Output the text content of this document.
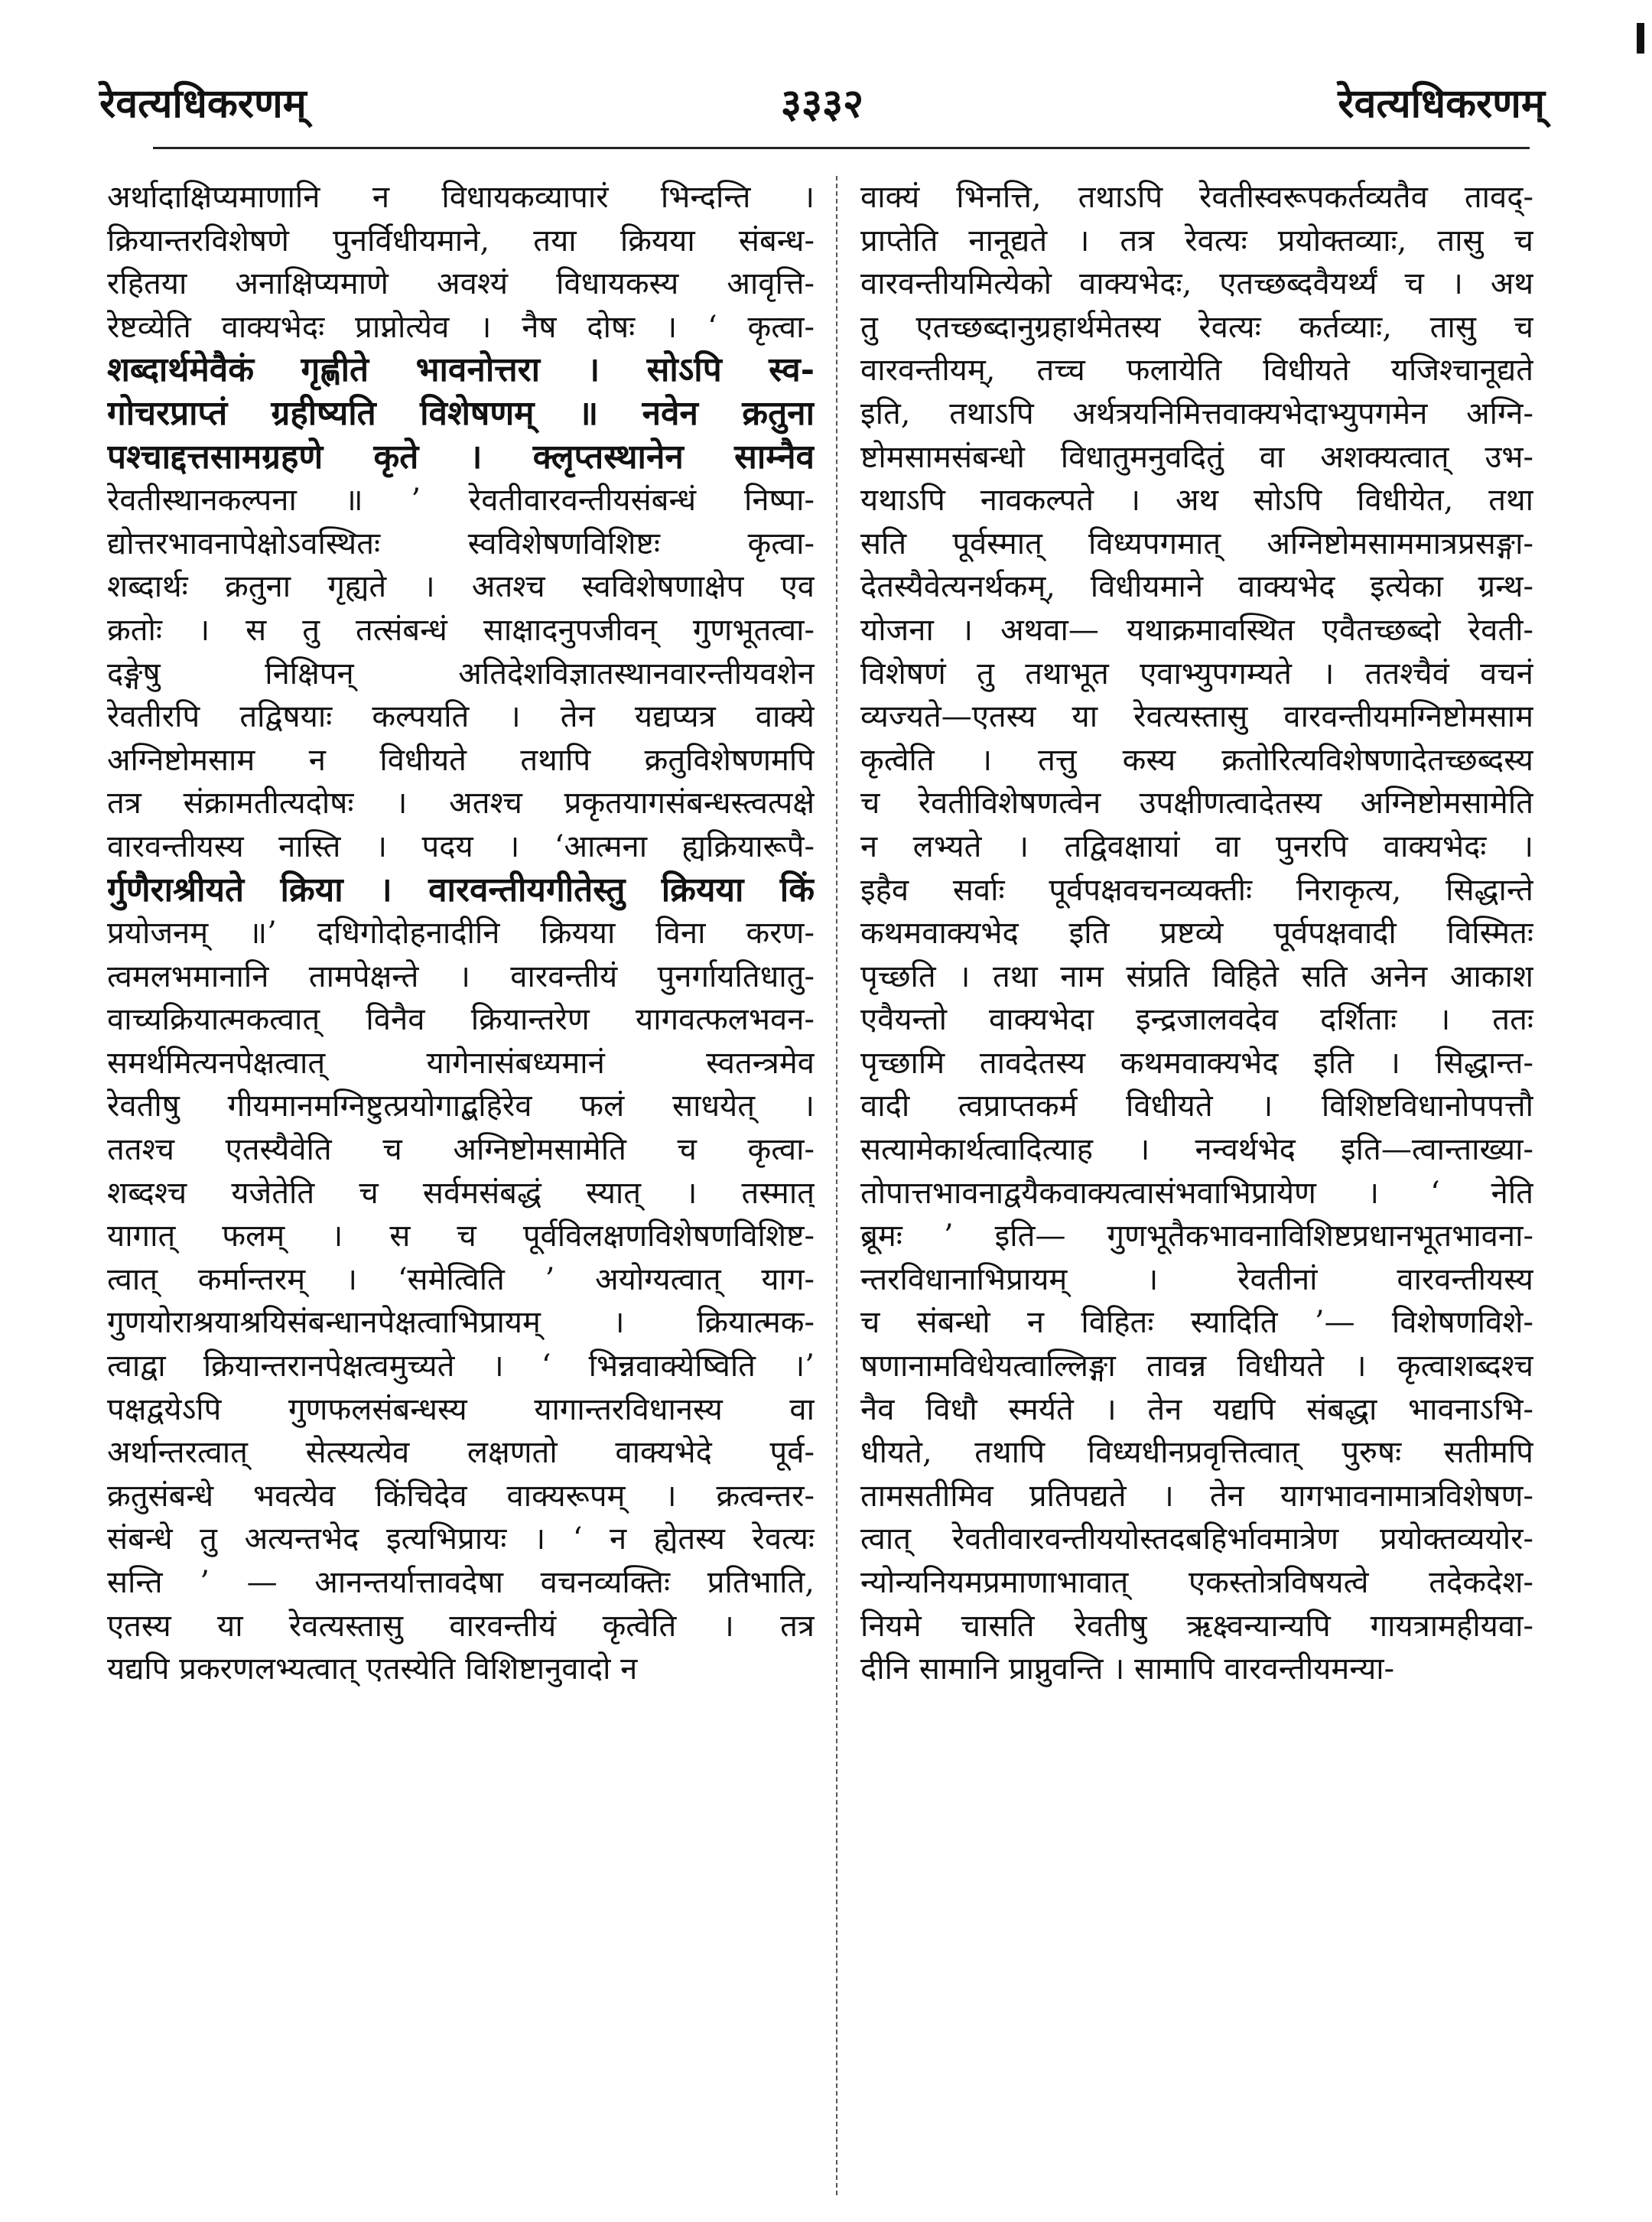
रेवत्यधिकरणम्	३३३२	रेवत्यधिकरणम्
अर्थादाक्षिप्यमाणानि न विधायकव्यापारं भिन्दन्ति ।
क्रियान्तरविशेषणे पुनर्विधीयमाने, तया क्रियया संबन्ध-
रहितया अनाक्षिप्यमाणे अवश्यं विधायकस्य आवृत्ति-
रेष्टव्येति वाक्यभेदः प्राप्नोत्येव । नैष दोषः । ‘ कृत्वा-
शब्दार्थमेवैकं गृह्णीते भावनोत्तरा । सोऽपि स्व-
गोचरप्राप्तं ग्रहीष्यति विशेषणम् ॥ नवेन क्रतुना
पश्चाद्दत्तसामग्रहणे कृते । क्लृप्तस्थानेन साम्नैव
रेवतीस्थानकल्पना ॥ ’ रेवतीवारवन्तीयसंबन्धं निष्पा-
द्योत्तरभावनापेक्षोऽवस्थितः स्वविशेषणविशिष्टः कृत्वा-
शब्दार्थः क्रतुना गृह्यते । अतश्च स्वविशेषणाक्षेप एव
क्रतोः । स तु तत्संबन्धं साक्षादनुपजीवन् गुणभूतत्वा-
दङ्गेषु निक्षिपन् अतिदेशविज्ञातस्थानवारन्तीयवशेन
रेवतीरपि तद्विषयाः कल्पयति । तेन यद्यप्यत्र वाक्ये
अग्निष्टोमसाम न विधीयते तथापि क्रतुविशेषणमपि
तत्र संक्रामतीत्यदोषः । अतश्च प्रकृतयागसंबन्धस्त्वत्पक्षे
वारवन्तीयस्य नास्ति । पदय । ‘आत्मना ह्यक्रियारूपै-
र्गुणैराश्रीयते क्रिया । वारवन्तीयगीतेस्तु क्रियया किं
प्रयोजनम् ॥’ दधिगोदोहनादीनि क्रियया विना करण-
त्वमलभमानानि तामपेक्षन्ते । वारवन्तीयं पुनर्गायतिधातु-
वाच्यक्रियात्मकत्वात् विनैव क्रियान्तरेण यागवत्फलभवन-
समर्थमित्यनपेक्षत्वात् यागेनासंबध्यमानं स्वतन्त्रमेव
रेवतीषु गीयमानमग्निष्टुत्प्रयोगाद्बहिरेव फलं साधयेत् ।
ततश्च एतस्यैवेति च अग्निष्टोमसामेति च कृत्वा-
शब्दश्च यजेतेति च सर्वमसंबद्धं स्यात् । तस्मात्
यागात् फलम् । स च पूर्वविलक्षणविशेषणविशिष्ट-
त्वात् कर्मान्तरम् । ‘समेत्विति ’ अयोग्यत्वात् याग-
गुणयोराश्रयाश्रयिसंबन्धानपेक्षत्वाभिप्रायम् । क्रियात्मक-
त्वाद्वा क्रियान्तरानपेक्षत्वमुच्यते । ‘ भिन्नवाक्येष्विति ।’
पक्षद्वयेऽपि गुणफलसंबन्धस्य यागान्तरविधानस्य वा
अर्थान्तरत्वात् सेत्स्यत्येव लक्षणतो वाक्यभेदे पूर्व-
क्रतुसंबन्धे भवत्येव किंचिदेव वाक्यरूपम् । क्रत्वन्तर-
संबन्धे तु अत्यन्तभेद इत्यभिप्रायः । ‘ न ह्येतस्य रेवत्यः
सन्ति ’ — आनन्तर्यात्तावदेषा वचनव्यक्तिः प्रतिभाति,
एतस्य या रेवत्यस्तासु वारवन्तीयं कृत्वेति । तत्र
यद्यपि प्रकरणलभ्यत्वात् एतस्येति विशिष्टानुवादो न
वाक्यं भिनत्ति, तथाऽपि रेवतीस्वरूपकर्तव्यतैव तावद्-
प्राप्तेति नानूद्यते । तत्र रेवत्यः प्रयोक्तव्याः, तासु च
वारवन्तीयमित्येको वाक्यभेदः, एतच्छब्दवैयर्थ्यं च । अथ
तु एतच्छब्दानुग्रहार्थमेतस्य रेवत्यः कर्तव्याः, तासु च
वारवन्तीयम्, तच्च फलायेति विधीयते यजिश्चानूद्यते
इति, तथाऽपि अर्थत्रयनिमित्तवाक्यभेदाभ्युपगमेन अग्नि-
ष्टोमसामसंबन्धो विधातुमनुवदितुं वा अशक्यत्वात् उभ-
यथाऽपि नावकल्पते । अथ सोऽपि विधीयेत, तथा
सति पूर्वस्मात् विध्यपगमात् अग्निष्टोमसाममात्रप्रसङ्गा-
देतस्यैवेत्यनर्थकम्, विधीयमाने वाक्यभेद इत्येका ग्रन्थ-
योजना । अथवा— यथाक्रमावस्थित एवैतच्छब्दो रेवती-
विशेषणं तु तथाभूत एवाभ्युपगम्यते । ततश्चैवं वचनं
व्यज्यते—एतस्य या रेवत्यस्तासु वारवन्तीयमग्निष्टोमसाम
कृत्वेति । तत्तु कस्य क्रतोरित्यविशेषणादेतच्छब्दस्य
च रेवतीविशेषणत्वेन उपक्षीणत्वादेतस्य अग्निष्टोमसामेति
न लभ्यते । तद्विवक्षायां वा पुनरपि वाक्यभेदः ।
इहैव सर्वाः पूर्वपक्षवचनव्यक्तीः निराकृत्य, सिद्धान्ते
कथमवाक्यभेद इति प्रष्टव्ये पूर्वपक्षवादी विस्मितः
पृच्छति । तथा नाम संप्रति विहिते सति अनेन आकाश
एवैयन्तो वाक्यभेदा इन्द्रजालवदेव दर्शिताः । ततः
पृच्छामि तावदेतस्य कथमवाक्यभेद इति । सिद्धान्त-
वादी त्वप्राप्तकर्म विधीयते । विशिष्टविधानोपपत्तौ
सत्यामेकार्थत्वादित्याह । नन्वर्थभेद इति—त्वान्ताख्या-
तोपात्तभावनाद्वयैकवाक्यत्वासंभवाभिप्रायेण । ‘ नेति
ब्रूमः ’ इति— गुणभूतैकभावनाविशिष्टप्रधानभूतभावना-
न्तरविधानाभिप्रायम् । रेवतीनां वारवन्तीयस्य
च संबन्धो न विहितः स्यादिति ’— विशेषणविशे-
षणानामविधेयत्वाल्लिङ्गा तावन्न विधीयते । कृत्वाशब्दश्च
नैव विधौ स्मर्यते । तेन यद्यपि संबद्धा भावनाऽभि-
धीयते, तथापि विध्यधीनप्रवृत्तित्वात् पुरुषः सतीमपि
तामसतीमिव प्रतिपद्यते । तेन यागभावनामात्रविशेषण-
त्वात् रेवतीवारवन्तीययोस्तदबहिर्भावमात्रेण प्रयोक्तव्ययोर-
न्योन्यनियमप्रमाणाभावात् एकस्तोत्रविषयत्वे तदेकदेश-
नियमे चासति रेवतीषु ऋक्ष्वन्यान्यपि गायत्रामहीयवा-
दीनि सामानि प्राप्नुवन्ति । सामापि वारवन्तीयमन्या-
